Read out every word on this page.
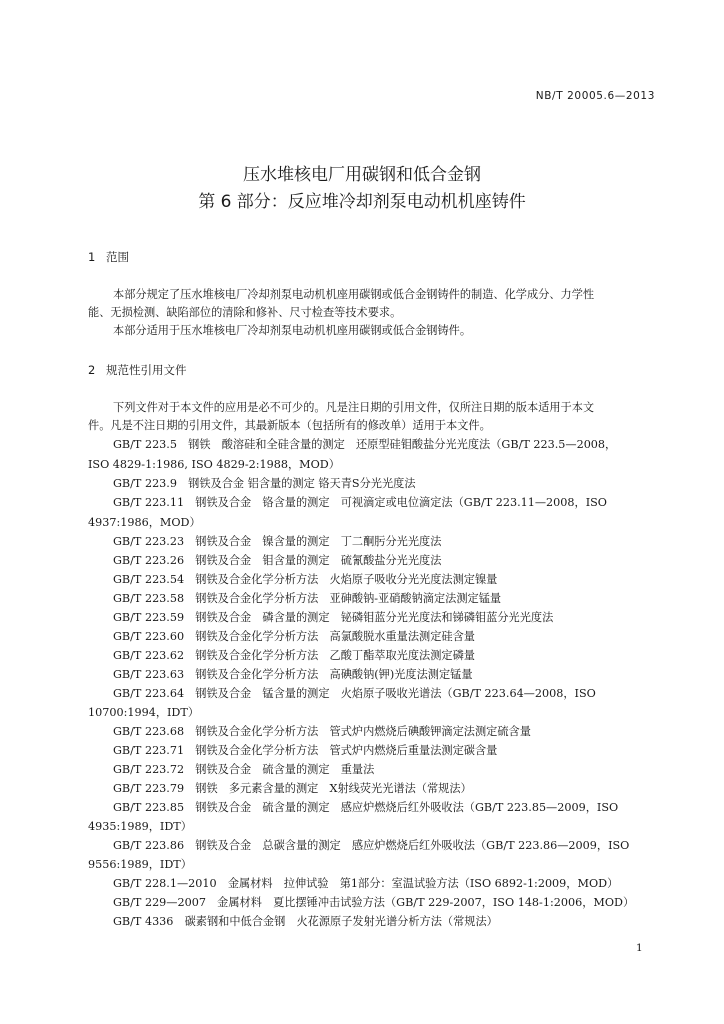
NB/T 20005.6—2013
压水堆核电厂用碳钢和低合金钢
第 6 部分：反应堆冷却剂泵电动机机座铸件
1 范围
本部分规定了压水堆核电厂冷却剂泵电动机机座用碳钢或低合金钢铸件的制造、化学成分、力学性
能、无损检测、缺陷部位的清除和修补、尺寸检查等技术要求。
本部分适用于压水堆核电厂冷却剂泵电动机机座用碳钢或低合金钢铸件。
2 规范性引用文件
下列文件对于本文件的应用是必不可少的。凡是注日期的引用文件，仅所注日期的版本适用于本文
件。凡是不注日期的引用文件，其最新版本（包括所有的修改单）适用于本文件。
GB/T 223.5　钢铁　酸溶硅和全硅含量的测定　还原型硅钼酸盐分光光度法（GB/T 223.5—2008，
ISO 4829-1:1986, ISO 4829-2:1988，MOD）
GB/T 223.9　钢铁及合金 铝含量的测定 铬天青S分光光度法
GB/T 223.11　钢铁及合金　铬含量的测定　可视滴定或电位滴定法（GB/T 223.11—2008，ISO
4937:1986，MOD）
GB/T 223.23　钢铁及合金　镍含量的测定　丁二酮肟分光光度法
GB/T 223.26　钢铁及合金　钼含量的测定　硫氰酸盐分光光度法
GB/T 223.54　钢铁及合金化学分析方法　火焰原子吸收分光光度法测定镍量
GB/T 223.58　钢铁及合金化学分析方法　亚砷酸钠-亚硝酸钠滴定法测定锰量
GB/T 223.59　钢铁及合金　磷含量的测定　铋磷钼蓝分光光度法和锑磷钼蓝分光光度法
GB/T 223.60　钢铁及合金化学分析方法　高氯酸脱水重量法测定硅含量
GB/T 223.62　钢铁及合金化学分析方法　乙酸丁酯萃取光度法测定磷量
GB/T 223.63　钢铁及合金化学分析方法　高碘酸钠(钾)光度法测定锰量
GB/T 223.64　钢铁及合金　锰含量的测定　火焰原子吸收光谱法（GB/T 223.64—2008，ISO
10700:1994，IDT）
GB/T 223.68　钢铁及合金化学分析方法　管式炉内燃烧后碘酸钾滴定法测定硫含量
GB/T 223.71　钢铁及合金化学分析方法　管式炉内燃烧后重量法测定碳含量
GB/T 223.72　钢铁及合金　硫含量的测定　重量法
GB/T 223.79　钢铁　多元素含量的测定　X射线荧光光谱法（常规法）
GB/T 223.85　钢铁及合金　硫含量的测定　感应炉燃烧后红外吸收法（GB/T 223.85—2009，ISO
4935:1989，IDT）
GB/T 223.86　钢铁及合金　总碳含量的测定　感应炉燃烧后红外吸收法（GB/T 223.86—2009，ISO
9556:1989，IDT）
GB/T 228.1—2010　金属材料　拉伸试验　第1部分：室温试验方法（ISO 6892-1:2009，MOD）
GB/T 229—2007　金属材料　夏比摆锤冲击试验方法（GB/T 229-2007，ISO 148-1:2006，MOD）
GB/T 4336　碳素钢和中低合金钢　火花源原子发射光谱分析方法（常规法）
1
